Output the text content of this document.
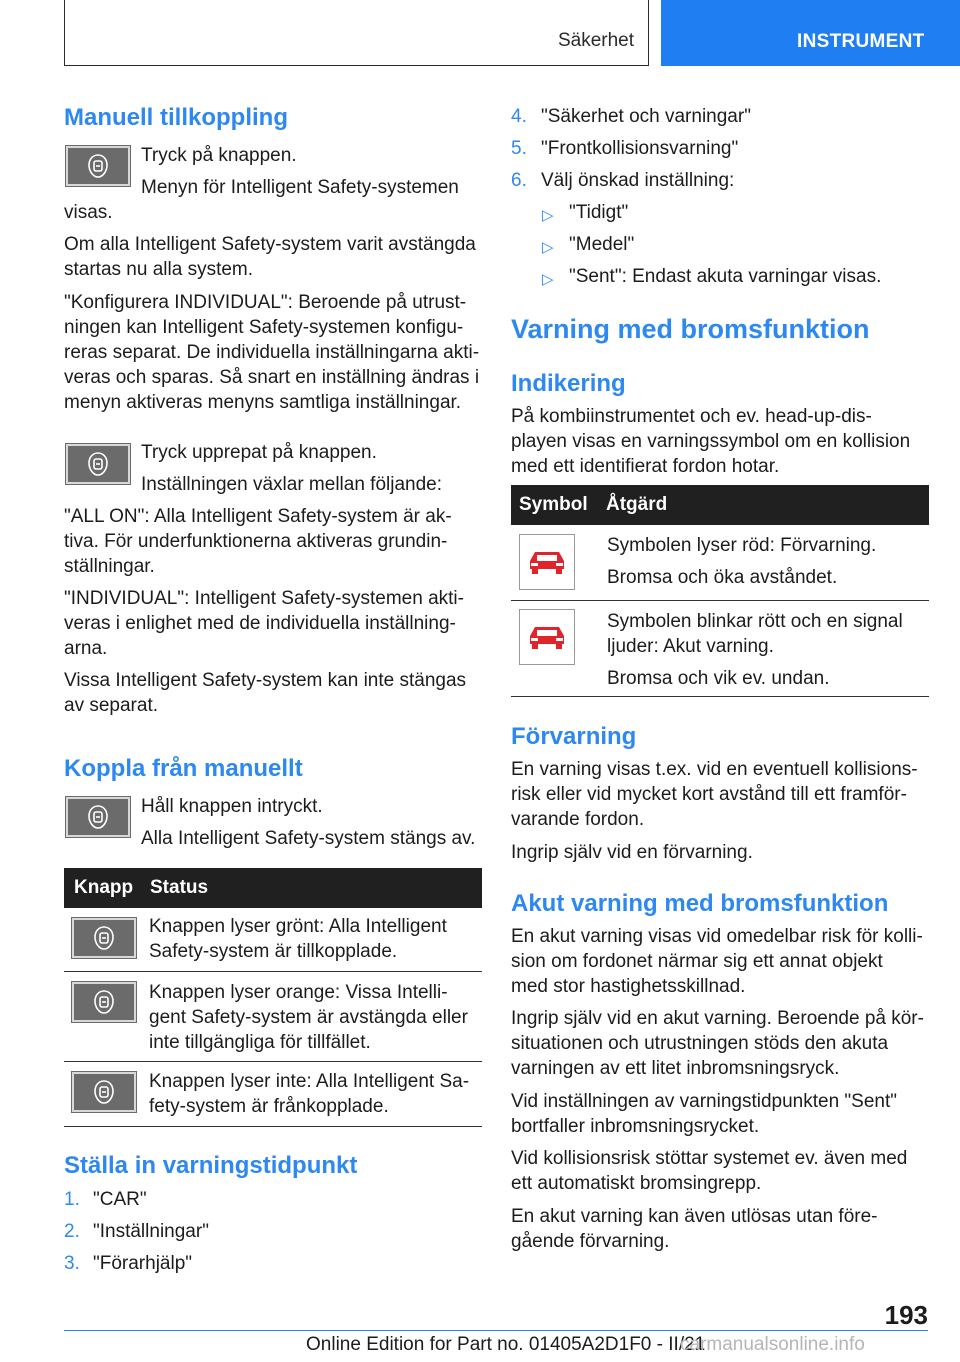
Säkerhet	INSTRUMENT
Manuell tillkoppling
Tryck på knappen.
Menyn för Intelligent Safety-systemen
visas.
Om alla Intelligent Safety-system varit avstängda
startas nu alla system.
"Konfigurera INDIVIDUAL": Beroende på utrust-
ningen kan Intelligent Safety-systemen konfigu-
reras separat. De individuella inställningarna akti-
veras och sparas. Så snart en inställning ändras i
menyn aktiveras menyns samtliga inställningar.
Tryck upprepat på knappen.
Inställningen växlar mellan följande:
"ALL ON": Alla Intelligent Safety-system är ak-
tiva. För underfunktionerna aktiveras grundin-
ställningar.
"INDIVIDUAL": Intelligent Safety-systemen akti-
veras i enlighet med de individuella inställning-
arna.
Vissa Intelligent Safety-system kan inte stängas
av separat.
Koppla från manuellt
Håll knappen intryckt.
Alla Intelligent Safety-system stängs av.
Knapp Status
Knappen lyser grönt: Alla Intelligent
Safety-system är tillkopplade.
Knappen lyser orange: Vissa Intelli-
gent Safety-system är avstängda eller
inte tillgängliga för tillfället.
Knappen lyser inte: Alla Intelligent Sa-
fety-system är frånkopplade.
Ställa in varningstidpunkt
1. "CAR"
2. "Inställningar"
3. "Förarhjälp"
4. "Säkerhet och varningar"
5. "Frontkollisionsvarning"
6. Välj önskad inställning:
▷ "Tidigt"
▷ "Medel"
▷ "Sent": Endast akuta varningar visas.
Varning med bromsfunktion
Indikering
På kombiinstrumentet och ev. head-up-dis-
playen visas en varningssymbol om en kollision
med ett identifierat fordon hotar.
Symbol Åtgärd
Symbolen lyser röd: Förvarning.
Bromsa och öka avståndet.
Symbolen blinkar rött och en signal
ljuder: Akut varning.
Bromsa och vik ev. undan.
Förvarning
En varning visas t.ex. vid en eventuell kollisions-
risk eller vid mycket kort avstånd till ett framför-
varande fordon.
Ingrip själv vid en förvarning.
Akut varning med bromsfunktion
En akut varning visas vid omedelbar risk för kolli-
sion om fordonet närmar sig ett annat objekt
med stor hastighetsskillnad.
Ingrip själv vid en akut varning. Beroende på kör-
situationen och utrustningen stöds den akuta
varningen av ett litet inbromsningsryck.
Vid inställningen av varningstidpunkten "Sent"
bortfaller inbromsningsrycket.
Vid kollisionsrisk stöttar systemet ev. även med
ett automatiskt bromsingrepp.
En akut varning kan även utlösas utan före-
gående förvarning.
193
Online Edition for Part no. 01405A2D1F0 - II/21
carmanualsonline.info
